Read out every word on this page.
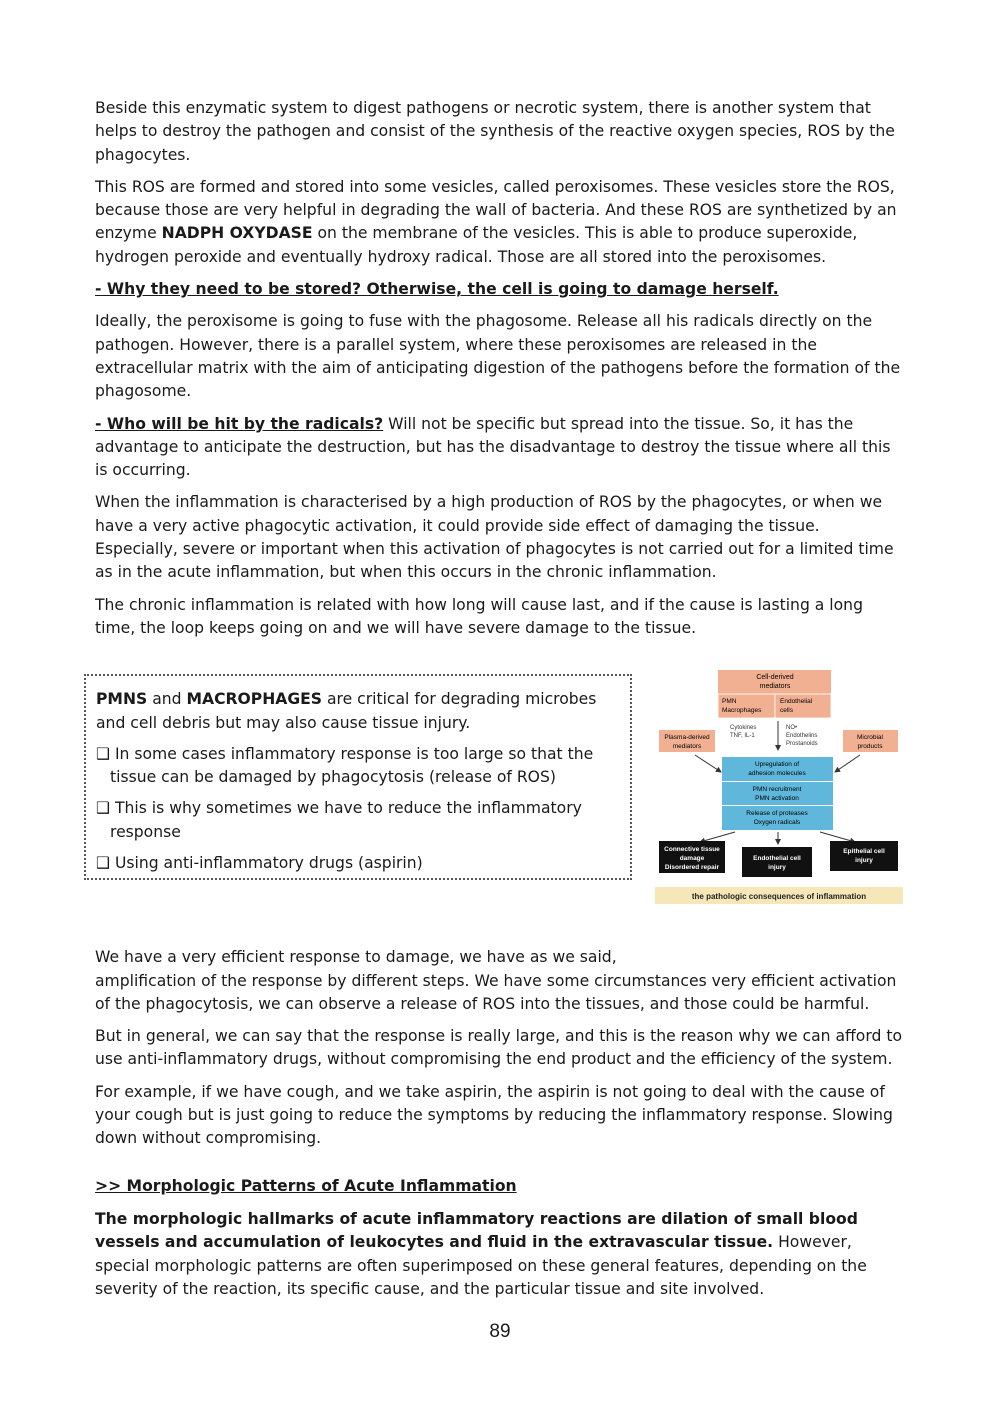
Beside this enzymatic system to digest pathogens or necrotic system, there is another system that helps to destroy the pathogen and consist of the synthesis of the reactive oxygen species, ROS by the phagocytes.

This ROS are formed and stored into some vesicles, called peroxisomes. These vesicles store the ROS, because those are very helpful in degrading the wall of bacteria. And these ROS are synthetized by an enzyme NADPH OXYDASE on the membrane of the vesicles. This is able to produce superoxide, hydrogen peroxide and eventually hydroxy radical. Those are all stored into the peroxisomes.

- Why they need to be stored? Otherwise, the cell is going to damage herself.

Ideally, the peroxisome is going to fuse with the phagosome. Release all his radicals directly on the pathogen. However, there is a parallel system, where these peroxisomes are released in the extracellular matrix with the aim of anticipating digestion of the pathogens before the formation of the phagosome.

- Who will be hit by the radicals? Will not be specific but spread into the tissue. So, it has the advantage to anticipate the destruction, but has the disadvantage to destroy the tissue where all this is occurring.

When the inflammation is characterised by a high production of ROS by the phagocytes, or when we have a very active phagocytic activation, it could provide side effect of damaging the tissue. Especially, severe or important when this activation of phagocytes is not carried out for a limited time as in the acute inflammation, but when this occurs in the chronic inflammation.

The chronic inflammation is related with how long will cause last, and if the cause is lasting a long time, the loop keeps going on and we will have severe damage to the tissue.

PMNS and MACROPHAGES are critical for degrading microbes and cell debris but may also cause tissue injury.

❑ In some cases inflammatory response is too large so that the tissue can be damaged by phagocytosis (release of ROS)

❑ This is why sometimes we have to reduce the inflammatory response

❑ Using anti-inflammatory drugs (aspirin)

Cell-derived
mediators
PMN
Macrophages
Endothelial
cells
Cytokines
TNF, IL-1
NO•
Endothelins
Prostanoids
Plasma-derived
mediators
Microbial
products
Upregulation of
adhesion molecules
PMN recruitment
PMN activation
Release of proteases
Oxygen radicals
Connective tissue
damage
Disordered repair
Endothelial cell
injury
Epithelial cell
injury
the pathologic consequences of inflammation

We have a very efficient response to damage, we have as we said,
amplification of the response by different steps. We have some circumstances very efficient activation of the phagocytosis, we can observe a release of ROS into the tissues, and those could be harmful.

But in general, we can say that the response is really large, and this is the reason why we can afford to use anti-inflammatory drugs, without compromising the end product and the efficiency of the system.

For example, if we have cough, and we take aspirin, the aspirin is not going to deal with the cause of your cough but is just going to reduce the symptoms by reducing the inflammatory response. Slowing down without compromising.

>> Morphologic Patterns of Acute Inflammation

The morphologic hallmarks of acute inflammatory reactions are dilation of small blood vessels and accumulation of leukocytes and fluid in the extravascular tissue. However, special morphologic patterns are often superimposed on these general features, depending on the severity of the reaction, its specific cause, and the particular tissue and site involved.

89
